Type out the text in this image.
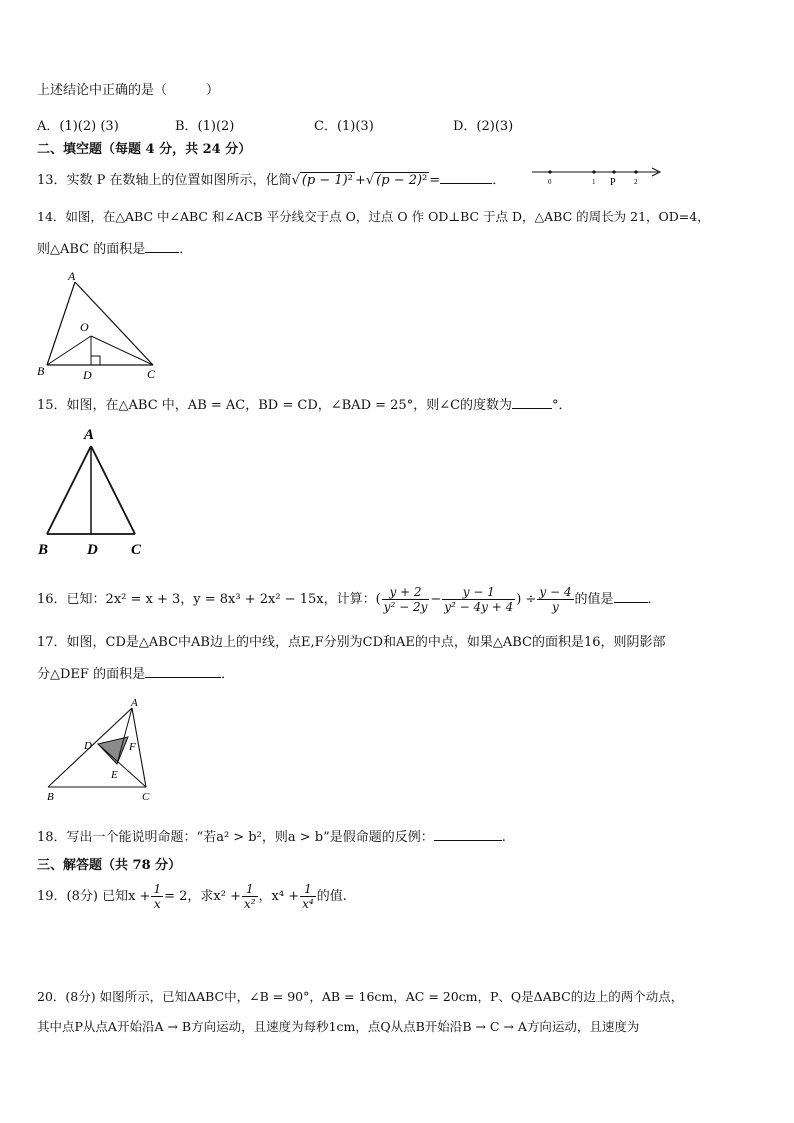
上述结论中正确的是（　　　）
A．(1)(2) (3)	B．(1)(2)	C．(1)(3)	D．(2)(3)
二、填空题（每题 4 分，共 24 分）
13．实数 P 在数轴上的位置如图所示，化简√ (p − 1)² +√ (p − 2)² =	．	0	1 P	2
14．如图，在△ABC 中∠ABC 和∠ACB 平分线交于点 O，过点 O 作 OD⊥BC 于点 D，△ABC 的周长为 21，OD=4，
则△ABC 的面积是	．
A
O
B	D	C
15．如图，在△ABC 中，AB = AC，BD = CD，∠BAD = 25°，则∠C的度数为	°．
A
B	D C
16．已知：2x² = x + 3，y = 8x³ + 2x² − 15x，计算：( $\frac{y + 2}{\text{y² − 2y}} - \frac{y - 1}{\text{y² − 4y + 4}}$ ) ÷ $\frac{y - 4}{y}$ 的值是	．
17．如图，CD是△ABC中AB边上的中线，点E,F分别为CD和AE的中点，如果△ABC的面积是16，则阴影部
分△DEF 的面积是	．
A
D	F
E
B	C
18．写出一个能说明命题：“若a² > b²，则a > b”是假命题的反例：	.
三、解答题（共 78 分）
19．(8分) 已知$x + \frac{1}{x} = 2$，求$x^2 + \frac{1}{\text{x²}}$ ，$x^4 + \frac{1}{\text{x⁴}}$ 的值.
20．(8分) 如图所示，已知ΔABC中，∠B = 90°，AB = 16cm，AC = 20cm，P、Q是ΔABC的边上的两个动点，
其中点P从点A开始沿A → B方向运动，且速度为每秒1cm，点Q从点B开始沿B → C → A方向运动，且速度为
